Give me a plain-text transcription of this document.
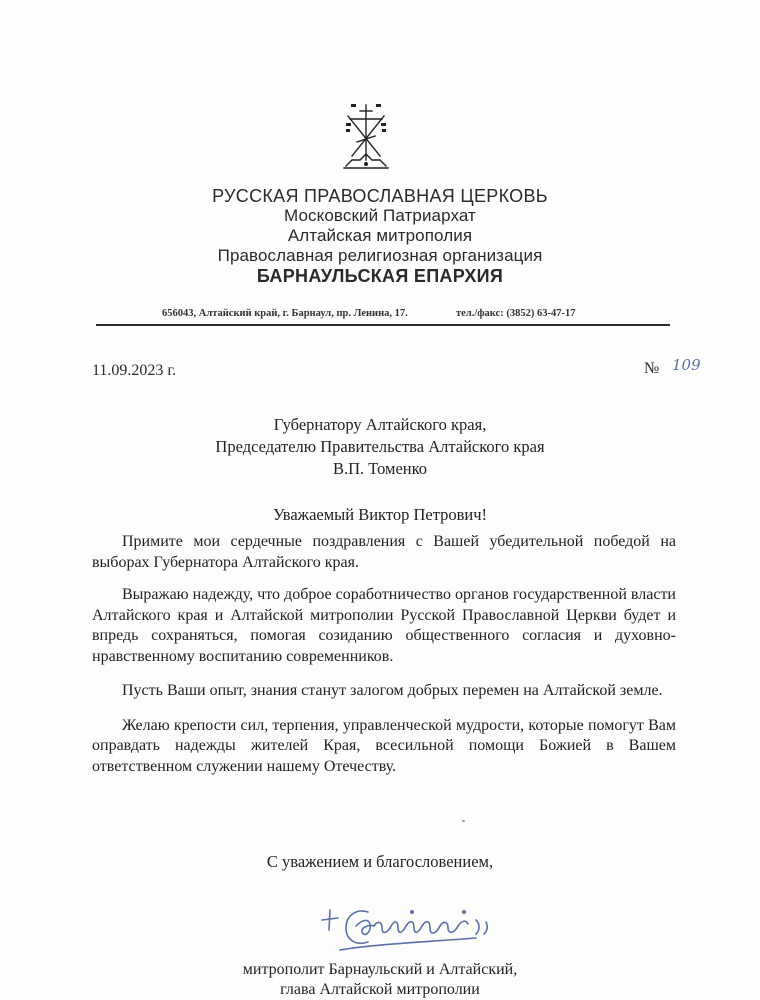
РУССКАЯ ПРАВОСЛАВНАЯ ЦЕРКОВЬ
Московский Патриархат
Алтайская митрополия
Православная религиозная организация
БАРНАУЛЬСКАЯ ЕПАРХИЯ
656043, Алтайский край, г. Барнаул, пр. Ленина, 17.	тел./факс: (3852) 63-47-17
11.09.2023 г.	№ 109
Губернатору Алтайского края,
Председателю Правительства Алтайского края
В.П. Томенко
Уважаемый Виктор Петрович!

Примите мои сердечные поздравления с Вашей убедительной победой на выборах Губернатора Алтайского края.

Выражаю надежду, что доброе соработничество органов государственной власти Алтайского края и Алтайской митрополии Русской Православной Церкви будет и впредь сохраняться, помогая созиданию общественного согласия и духовно-нравственному воспитанию современников.

Пусть Ваши опыт, знания станут залогом добрых перемен на Алтайской земле.

Желаю крепости сил, терпения, управленческой мудрости, которые помогут Вам оправдать надежды жителей Края, всесильной помощи Божией в Вашем ответственном служении нашему Отечеству.

С уважением и благословением,
митрополит Барнаульский и Алтайский,
глава Алтайской митрополии
